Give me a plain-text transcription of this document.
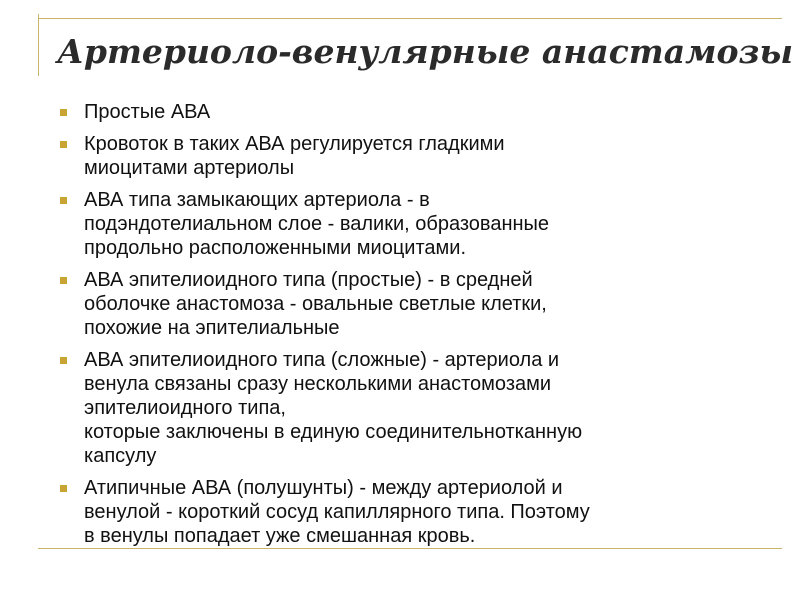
Артериоло-венулярные анастамозы
Простые АВА
Кровоток в таких АВА регулируется гладкими
миоцитами артериолы
АВА типа замыкающих артериола - в
подэндотелиальном слое - валики, образованные
продольно расположенными миоцитами.
АВА эпителиоидного типа (простые) - в средней
оболочке анастомоза - овальные светлые клетки,
похожие на эпителиальные
АВА эпителиоидного типа (сложные) - артериола и
венула связаны сразу несколькими анастомозами
эпителиоидного типа,
которые заключены в единую соединительнотканную
капсулу
Атипичные АВА (полушунты) - между артериолой и
венулой - короткий сосуд капиллярного типа. Поэтому
в венулы попадает уже смешанная кровь.
